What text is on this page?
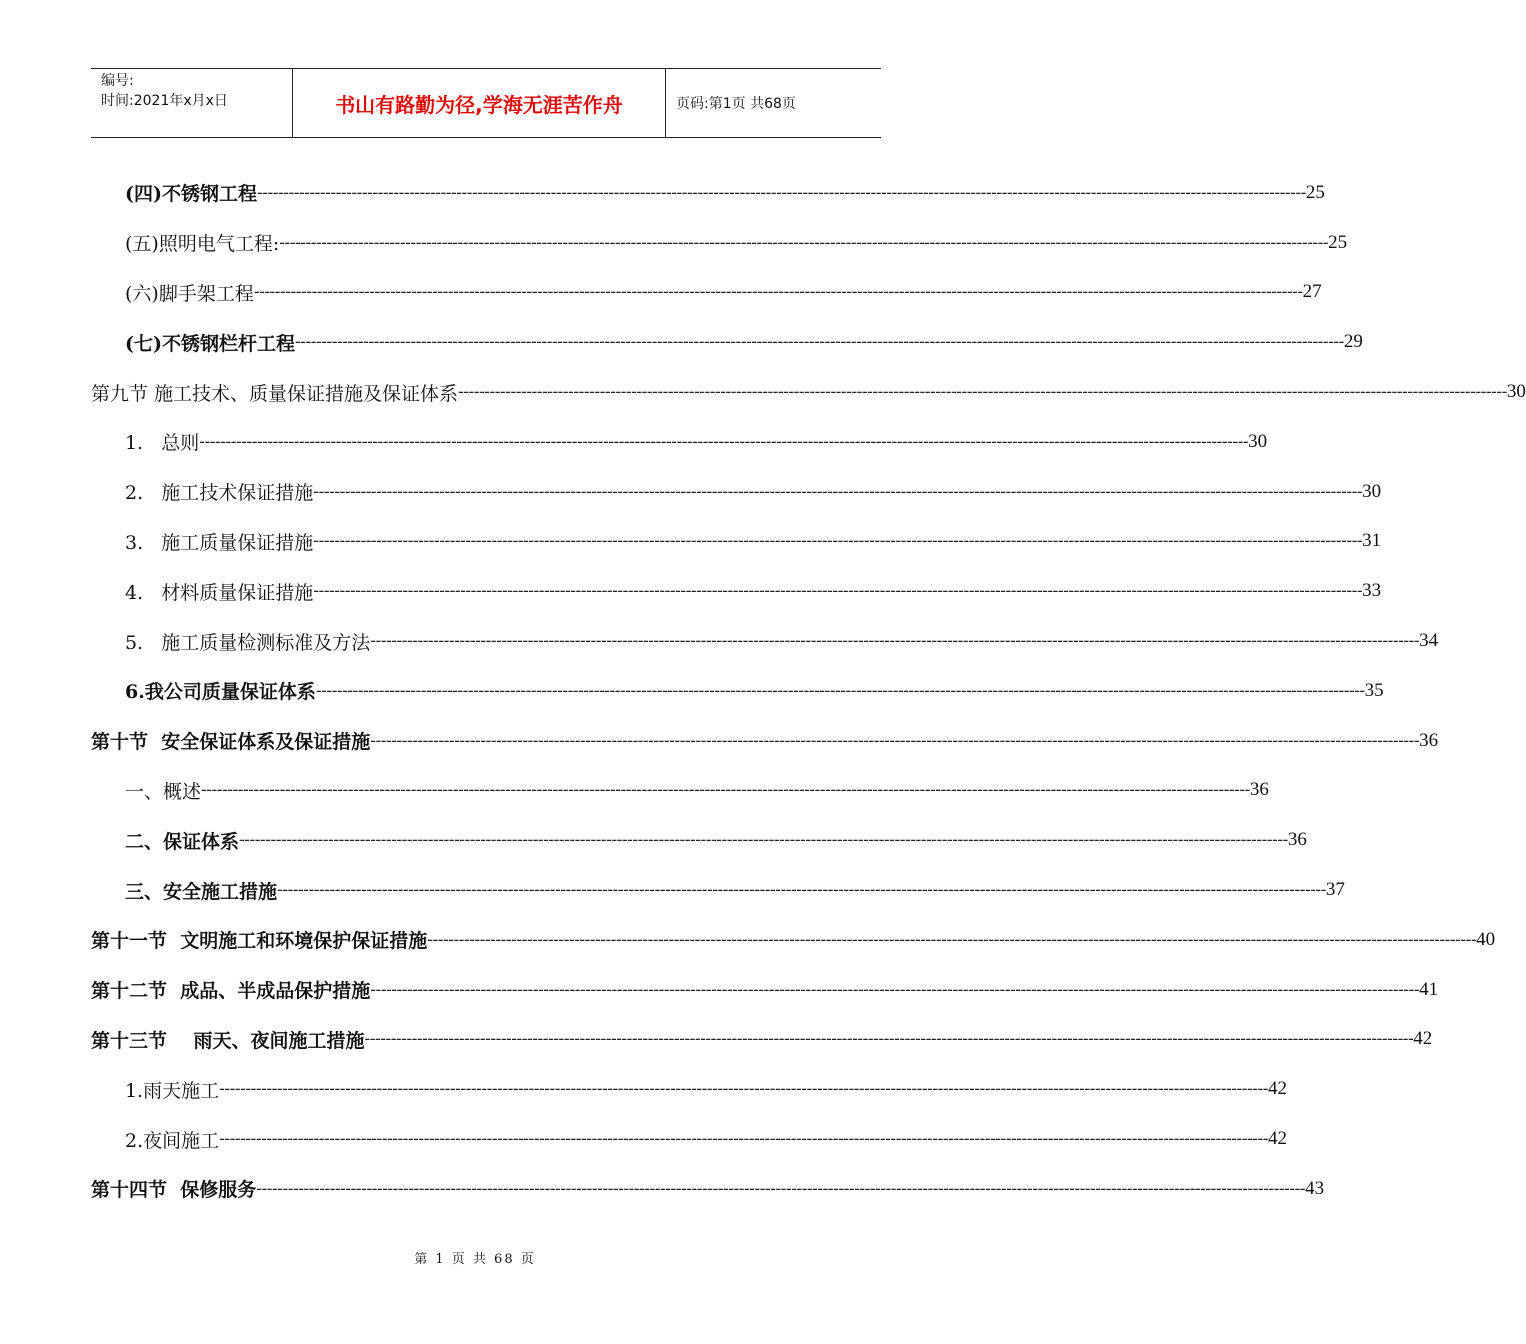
编号:
时间:2021年x月x日	书山有路勤为径,学海无涯苦作舟	页码:第1页 共68页
(四)不锈钢工程 -------------------------------------------------------------------------------------------------------------------------------------------------------------------------------------------------------- 25
(五)照明电气工程: -------------------------------------------------------------------------------------------------------------------------------------------------------------------------------------------------------- 25
(六)脚手架工程 -------------------------------------------------------------------------------------------------------------------------------------------------------------------------------------------------------- 27
(七)不锈钢栏杆工程 -------------------------------------------------------------------------------------------------------------------------------------------------------------------------------------------------------- 29
第九节 施工技术、质量保证措施及保证体系 -------------------------------------------------------------------------------------------------------------------------------------------------------------------------------------------------------- 30
1.   总则 -------------------------------------------------------------------------------------------------------------------------------------------------------------------------------------------------------- 30
2.   施工技术保证措施 -------------------------------------------------------------------------------------------------------------------------------------------------------------------------------------------------------- 30
3.   施工质量保证措施 -------------------------------------------------------------------------------------------------------------------------------------------------------------------------------------------------------- 31
4.   材料质量保证措施 -------------------------------------------------------------------------------------------------------------------------------------------------------------------------------------------------------- 33
5.   施工质量检测标准及方法 -------------------------------------------------------------------------------------------------------------------------------------------------------------------------------------------------------- 34
6.我公司质量保证体系 -------------------------------------------------------------------------------------------------------------------------------------------------------------------------------------------------------- 35
第十节  安全保证体系及保证措施 -------------------------------------------------------------------------------------------------------------------------------------------------------------------------------------------------------- 36
一、概述 -------------------------------------------------------------------------------------------------------------------------------------------------------------------------------------------------------- 36
二、保证体系 -------------------------------------------------------------------------------------------------------------------------------------------------------------------------------------------------------- 36
三、安全施工措施 -------------------------------------------------------------------------------------------------------------------------------------------------------------------------------------------------------- 37
第十一节  文明施工和环境保护保证措施 -------------------------------------------------------------------------------------------------------------------------------------------------------------------------------------------------------- 40
第十二节  成品、半成品保护措施 -------------------------------------------------------------------------------------------------------------------------------------------------------------------------------------------------------- 41
第十三节    雨天、夜间施工措施 -------------------------------------------------------------------------------------------------------------------------------------------------------------------------------------------------------- 42
1.雨天施工 -------------------------------------------------------------------------------------------------------------------------------------------------------------------------------------------------------- 42
2.夜间施工 -------------------------------------------------------------------------------------------------------------------------------------------------------------------------------------------------------- 42
第十四节  保修服务 -------------------------------------------------------------------------------------------------------------------------------------------------------------------------------------------------------- 43
第 1 页 共 68 页
